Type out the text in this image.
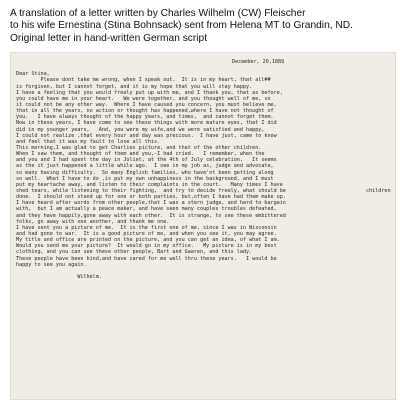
A translation of a letter written by Charles Wilhelm (CW) Fleischer
to his wife Ernestina (Stina Bohnsack) sent from Helena MT to Grandin, ND.
Original letter in hand-written German script
December, 20,1889
children
Dear Stina,
Please dont take me wrong, when I speak out.  It is in my heart, that all##
is forgiven, but I cannot forget, and it is my hope that you will stay happy.
I have a feeling that you would freely put up with me, and I thank you, that as before,
you could have me in your heart.   We were together, and you thought well of me, so
it could not be any other way.  Where I have caused you concern, you must believe me,
that in all the years, no action or thought has happened,where I have not thought of
you.   I have always thought of the happy years, and times,  and cannot forget them.
Now in these years, I have come to see these things with more mature eyes, that I did
did in my younger years,   And, you were my wife,and we were satisfied and happy,
I could not realize ,that every hour and day was precious.  I have just, came to know
and feel that it was my fault to lose all this.
This morning,I was glad to get Charlies picture, and that of the other children.
When I saw them, and thought of them and you,-I had cried.   I remember, when the
and you and I had spent the day in Joliet, at the 4th of July celebration,   It seems
as the it just happened a little while ago.  I see in my job as, judge and advocate,
so many having difficulty.  So many English families, who have'nt been getting along
so well.  What I have to do ,is put my own unhappiness in the background, and I must
put my heartache away, and listen to their complaints in the court.   Many times I have
shed tears, while listening to their fighting,  and try to decide freely, what should be
done.  I should not stand up for one or both parties, but,often I have had them make up.
I have heard after words from other people,that I was a stern judge, and hard to bargain
with,  but I am actually a peace maker, and have seen many couples troubles defeated,
and they have happily,gone away with each other.  It is strange, to see these embittered
folks, go away with one another, and thank me one.
I have sent you a picture of me.  It is the first one of me, since I was in Wisconsin
and had gone to war.  It is a good picture of me, and when you see it, you may agree.
My title and office are printed on the picture, and you can get an idea, of what I am.
Would you send me your picture?  It would go in my office.   My picture is in my best
clothing, and you can see these other people, Bart and Gaaren, and this lady.
These people have been kind,and have cared for me well thru these years.   I would be
happy to see you again.
Wilhelm.
